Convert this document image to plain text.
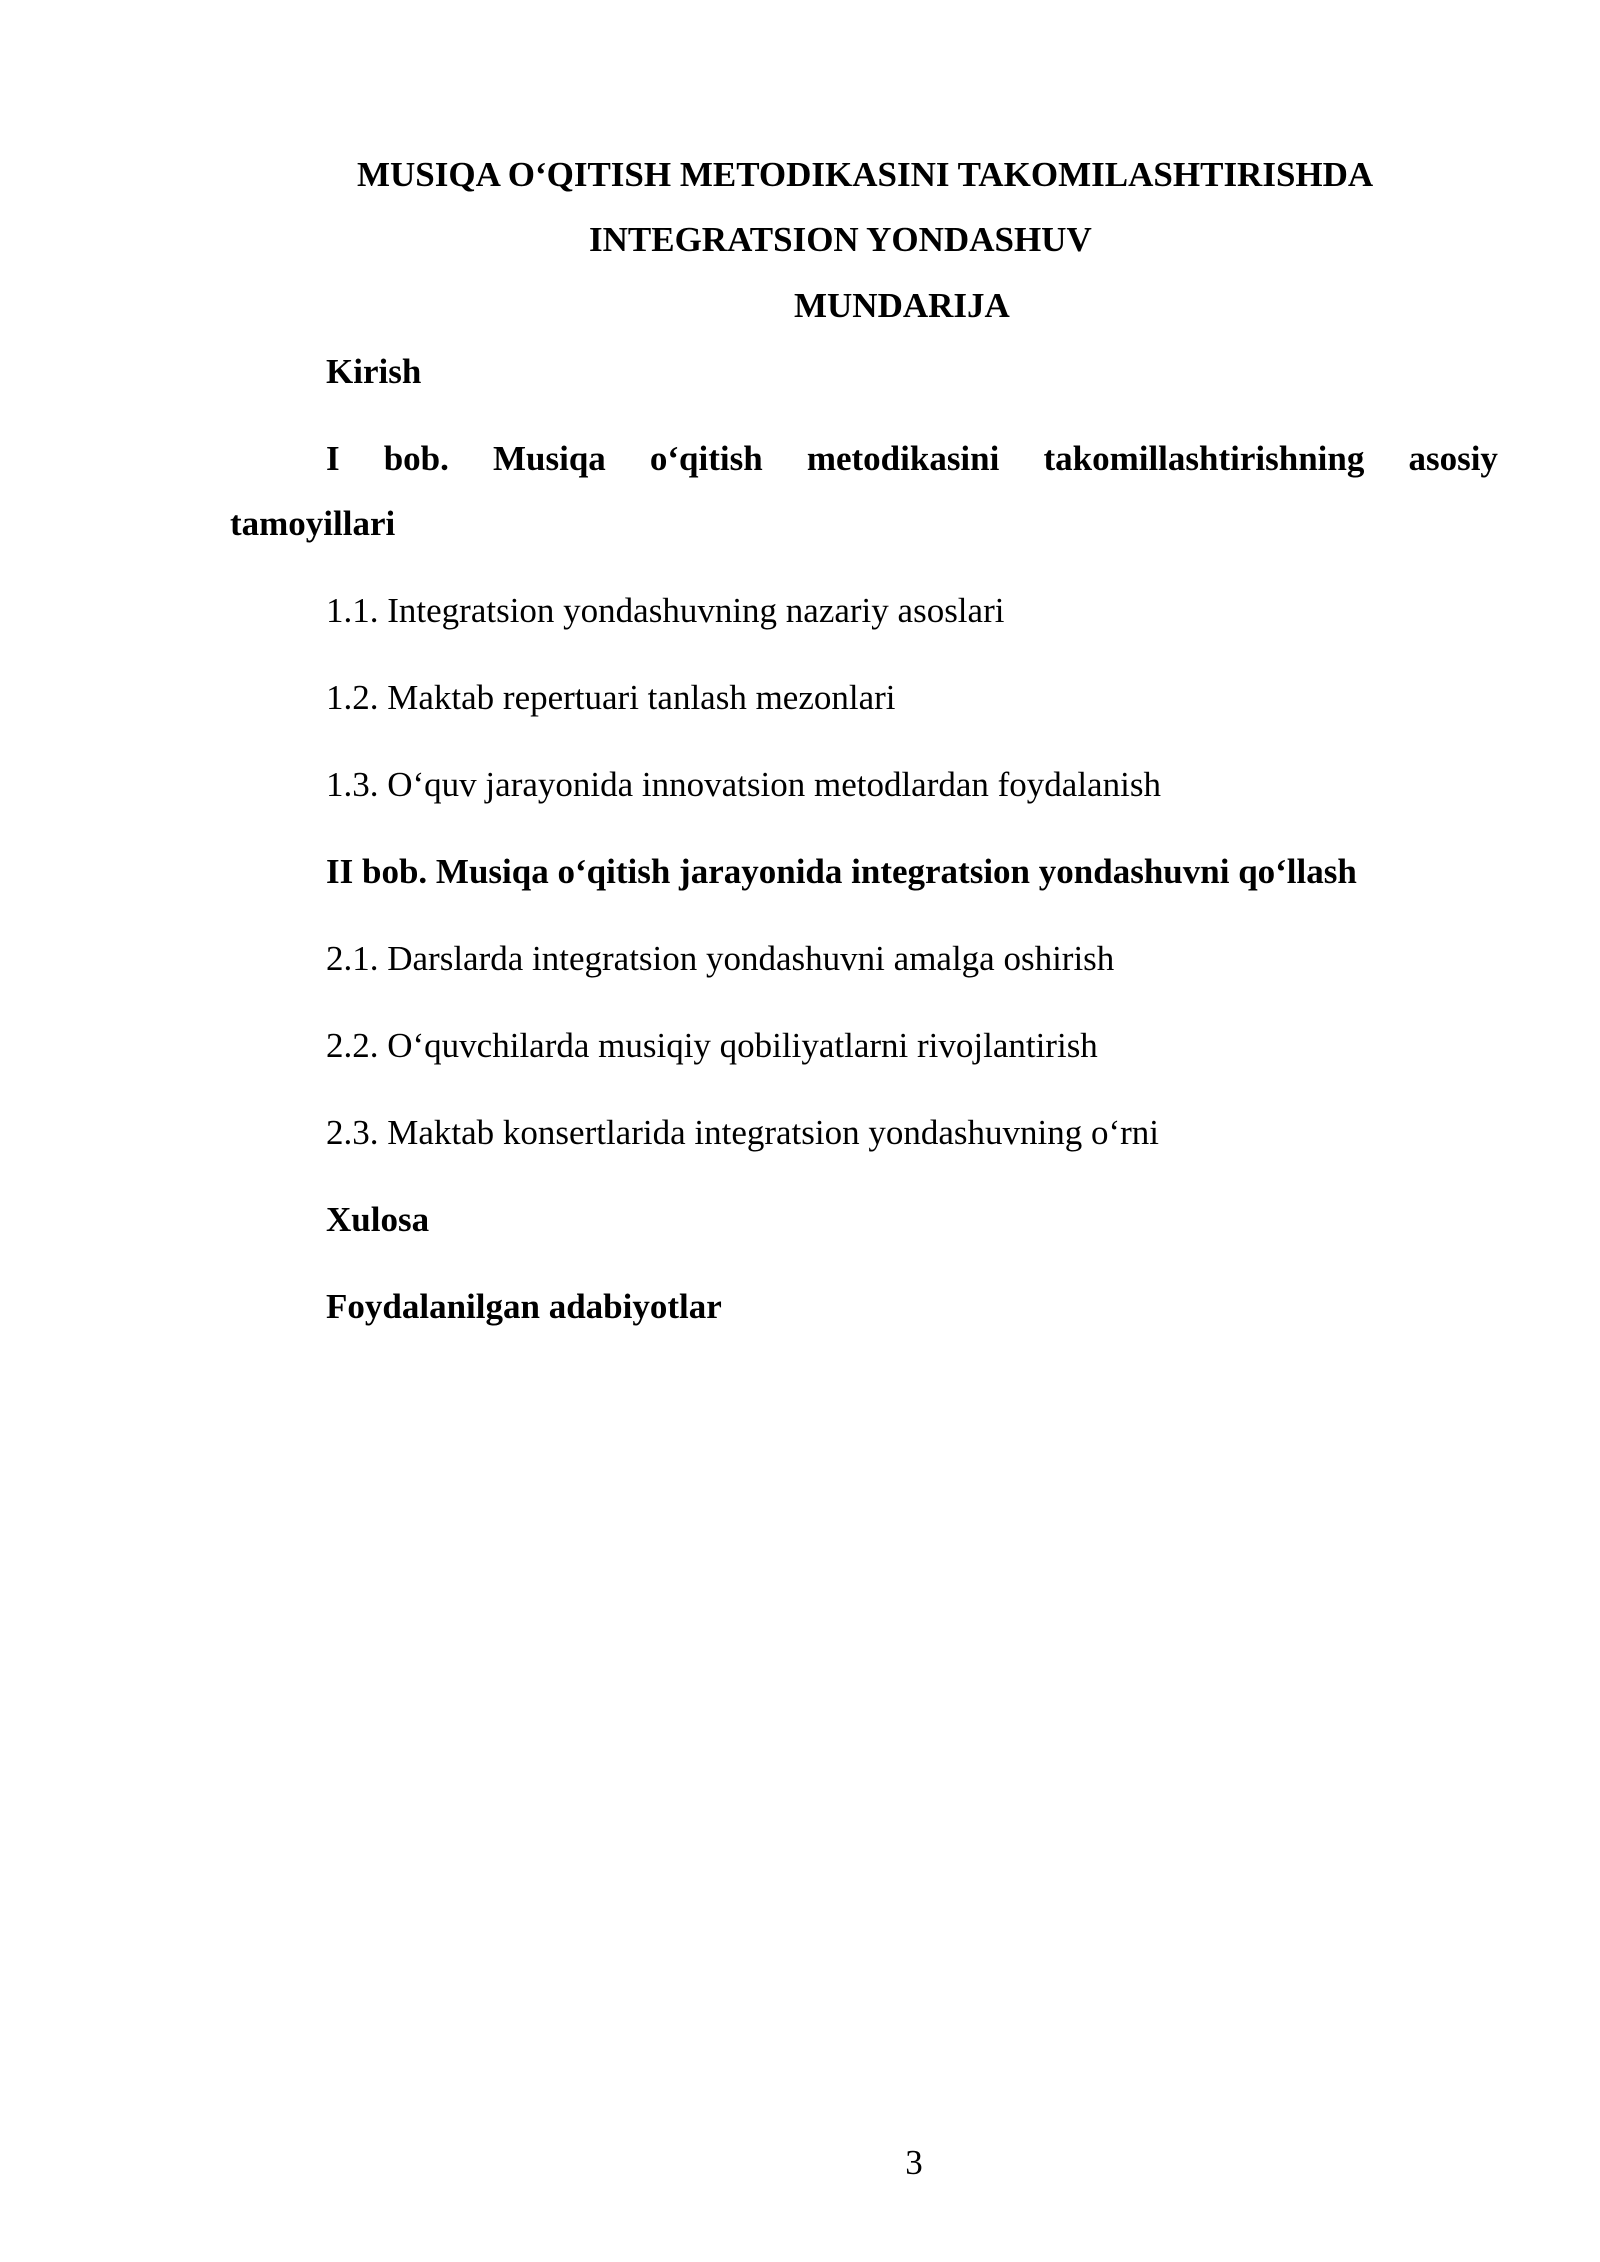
MUSIQA O‘QITISH METODIKASINI TAKOMILASHTIRISHDA
INTEGRATSION YONDASHUV
MUNDARIJA
Kirish
I bob. Musiqa o‘qitish metodikasini takomillashtirishning asosiy
tamoyillari
1.1. Integratsion yondashuvning nazariy asoslari
1.2. Maktab repertuari tanlash mezonlari
1.3. O‘quv jarayonida innovatsion metodlardan foydalanish
II bob. Musiqa o‘qitish jarayonida integratsion yondashuvni qo‘llash
2.1. Darslarda integratsion yondashuvni amalga oshirish
2.2. O‘quvchilarda musiqiy qobiliyatlarni rivojlantirish
2.3. Maktab konsertlarida integratsion yondashuvning o‘rni
Xulosa
Foydalanilgan adabiyotlar
3
